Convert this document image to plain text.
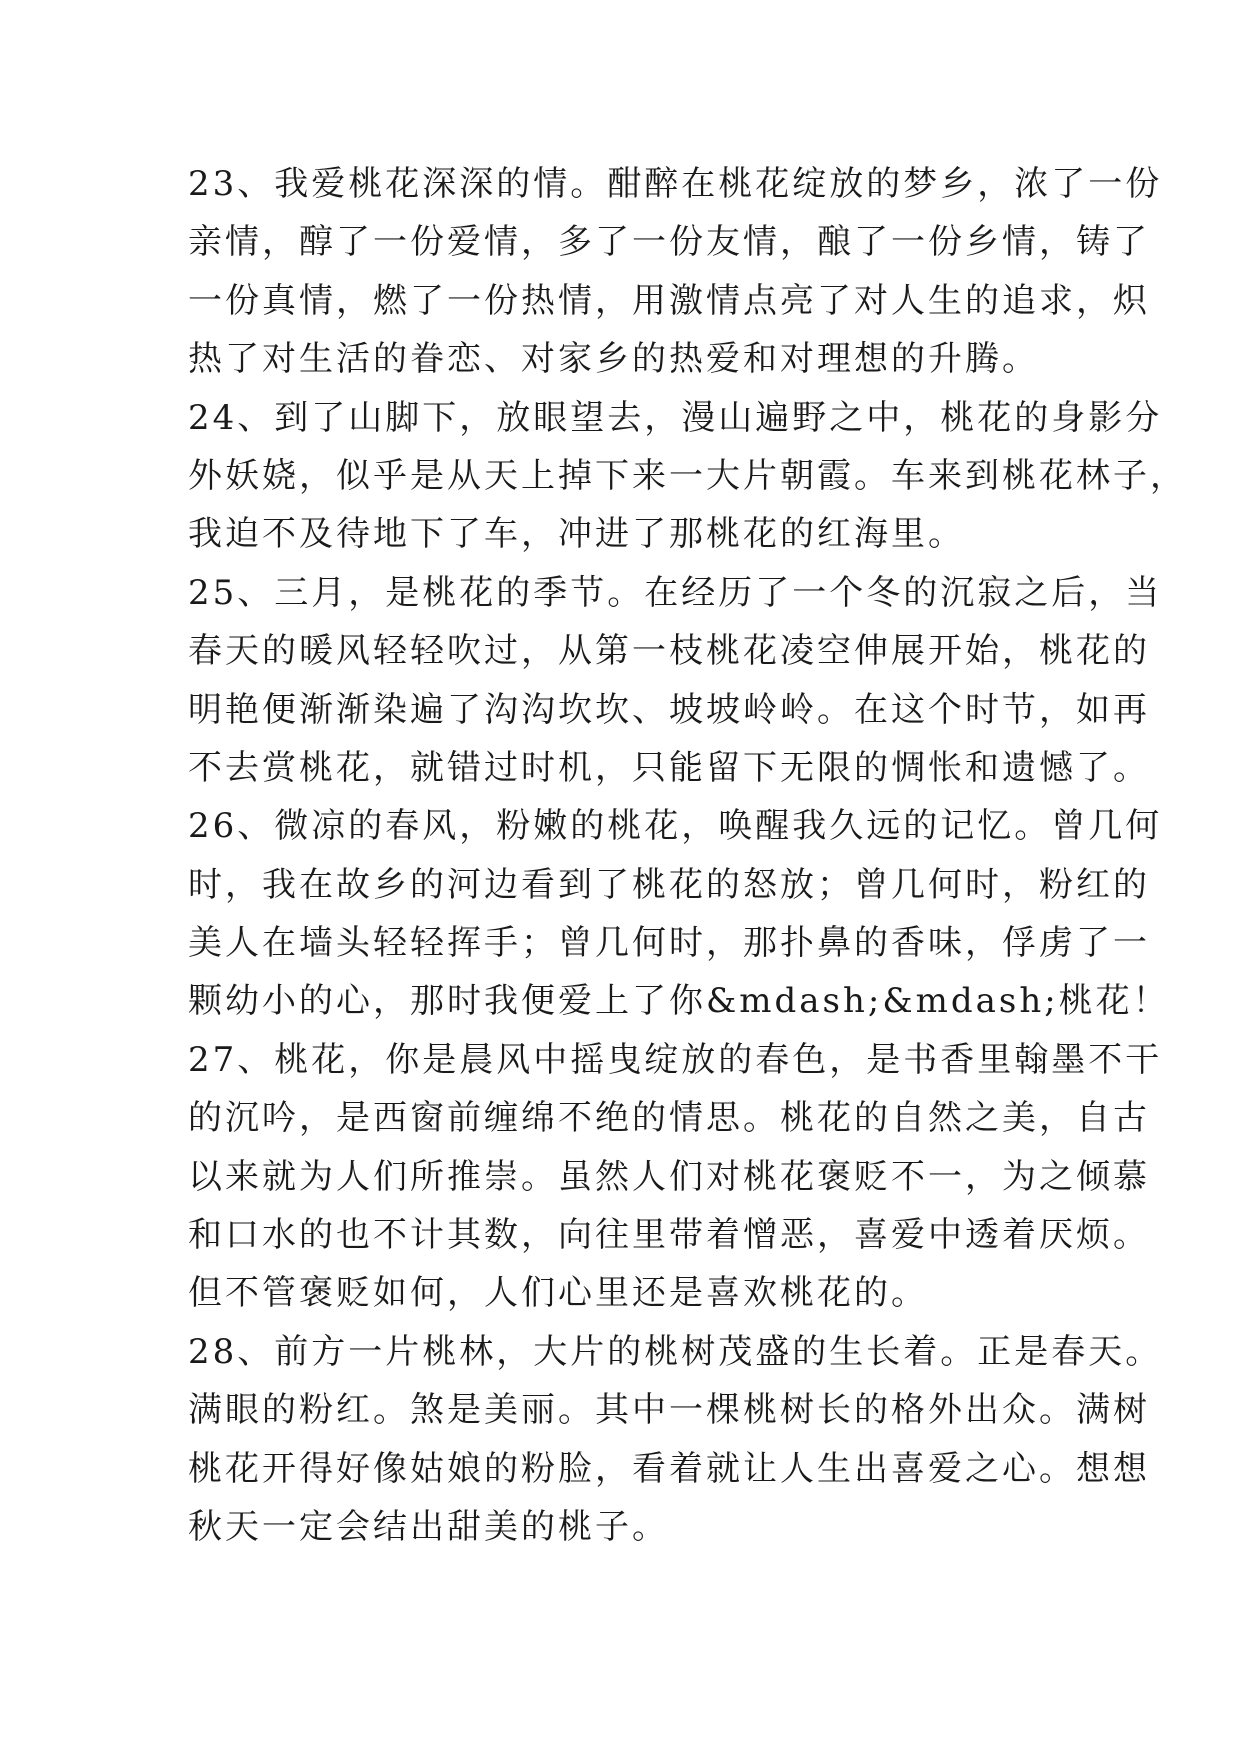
23、我爱桃花深深的情。酣醉在桃花绽放的梦乡，浓了一份
亲情，醇了一份爱情，多了一份友情，酿了一份乡情，铸了
一份真情，燃了一份热情，用激情点亮了对人生的追求，炽
热了对生活的眷恋、对家乡的热爱和对理想的升腾。
24、到了山脚下，放眼望去，漫山遍野之中，桃花的身影分
外妖娆，似乎是从天上掉下来一大片朝霞。车来到桃花林子，
我迫不及待地下了车，冲进了那桃花的红海里。
25、三月，是桃花的季节。在经历了一个冬的沉寂之后，当
春天的暖风轻轻吹过，从第一枝桃花凌空伸展开始，桃花的
明艳便渐渐染遍了沟沟坎坎、坡坡岭岭。在这个时节，如再
不去赏桃花，就错过时机，只能留下无限的惆怅和遗憾了。
26、微凉的春风，粉嫩的桃花，唤醒我久远的记忆。曾几何
时，我在故乡的河边看到了桃花的怒放；曾几何时，粉红的
美人在墙头轻轻挥手；曾几何时，那扑鼻的香味，俘虏了一
颗幼小的心，那时我便爱上了你&mdash;&mdash;桃花！
27、桃花，你是晨风中摇曳绽放的春色，是书香里翰墨不干
的沉吟，是西窗前缠绵不绝的情思。桃花的自然之美，自古
以来就为人们所推崇。虽然人们对桃花褒贬不一，为之倾慕
和口水的也不计其数，向往里带着憎恶，喜爱中透着厌烦。
但不管褒贬如何，人们心里还是喜欢桃花的。
28、前方一片桃林，大片的桃树茂盛的生长着。正是春天。
满眼的粉红。煞是美丽。其中一棵桃树长的格外出众。满树
桃花开得好像姑娘的粉脸，看着就让人生出喜爱之心。想想
秋天一定会结出甜美的桃子。
